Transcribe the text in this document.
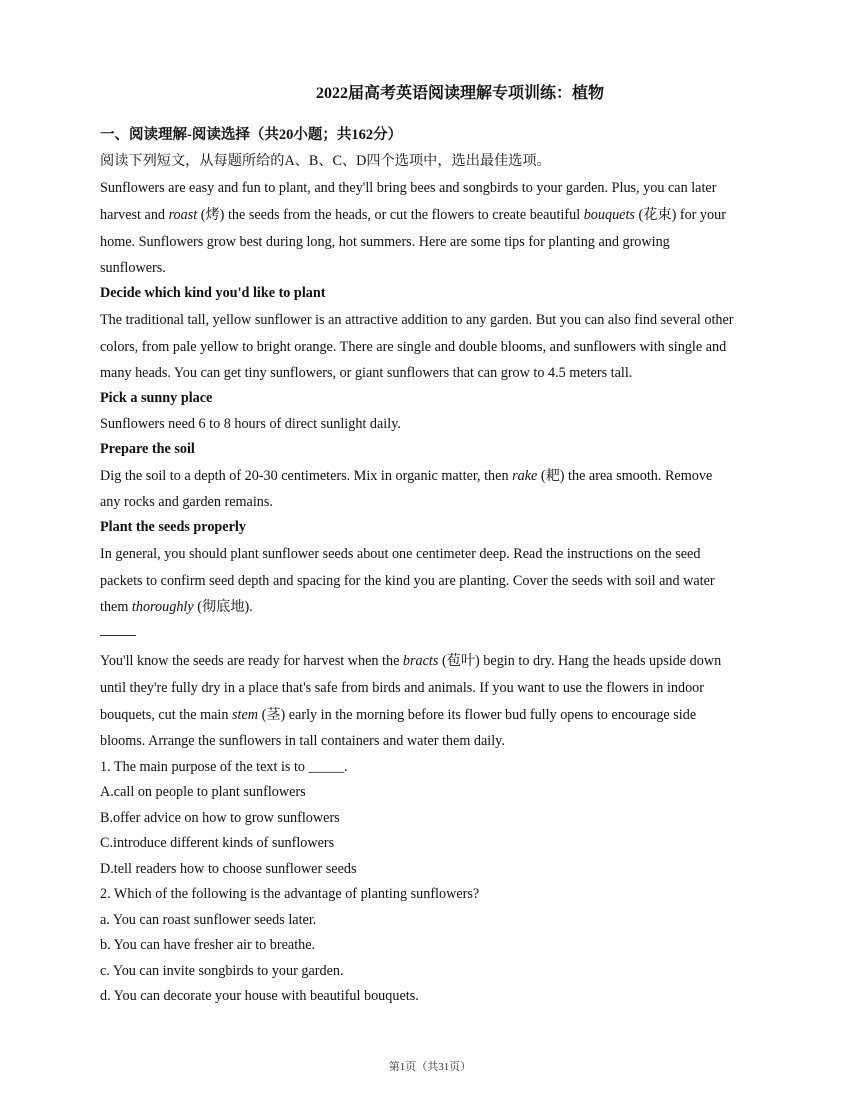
2022届高考英语阅读理解专项训练：植物
一、阅读理解-阅读选择（共20小题；共162分）
阅读下列短文，从每题所给的A、B、C、D四个选项中，选出最佳选项。
Sunflowers are easy and fun to plant, and they'll bring bees and songbirds to your garden. Plus, you can later
harvest and roast (烤) the seeds from the heads, or cut the flowers to create beautiful bouquets (花束) for your
home. Sunflowers grow best during long, hot summers. Here are some tips for planting and growing
sunflowers.
Decide which kind you'd like to plant
The traditional tall, yellow sunflower is an attractive addition to any garden. But you can also find several other
colors, from pale yellow to bright orange. There are single and double blooms, and sunflowers with single and
many heads. You can get tiny sunflowers, or giant sunflowers that can grow to 4.5 meters tall.
Pick a sunny place
Sunflowers need 6 to 8 hours of direct sunlight daily.
Prepare the soil
Dig the soil to a depth of 20-30 centimeters. Mix in organic matter, then rake (耙) the area smooth. Remove
any rocks and garden remains.
Plant the seeds properly
In general, you should plant sunflower seeds about one centimeter deep. Read the instructions on the seed
packets to confirm seed depth and spacing for the kind you are planting. Cover the seeds with soil and water
them thoroughly (彻底地).
You'll know the seeds are ready for harvest when the bracts (苞叶) begin to dry. Hang the heads upside down
until they're fully dry in a place that's safe from birds and animals. If you want to use the flowers in indoor
bouquets, cut the main stem (茎) early in the morning before its flower bud fully opens to encourage side
blooms. Arrange the sunflowers in tall containers and water them daily.
1. The main purpose of the text is to _____.
A.call on people to plant sunflowers
B.offer advice on how to grow sunflowers
C.introduce different kinds of sunflowers
D.tell readers how to choose sunflower seeds
2. Which of the following is the advantage of planting sunflowers?
a. You can roast sunflower seeds later.
b. You can have fresher air to breathe.
c. You can invite songbirds to your garden.
d. You can decorate your house with beautiful bouquets.
第1页（共31页）
